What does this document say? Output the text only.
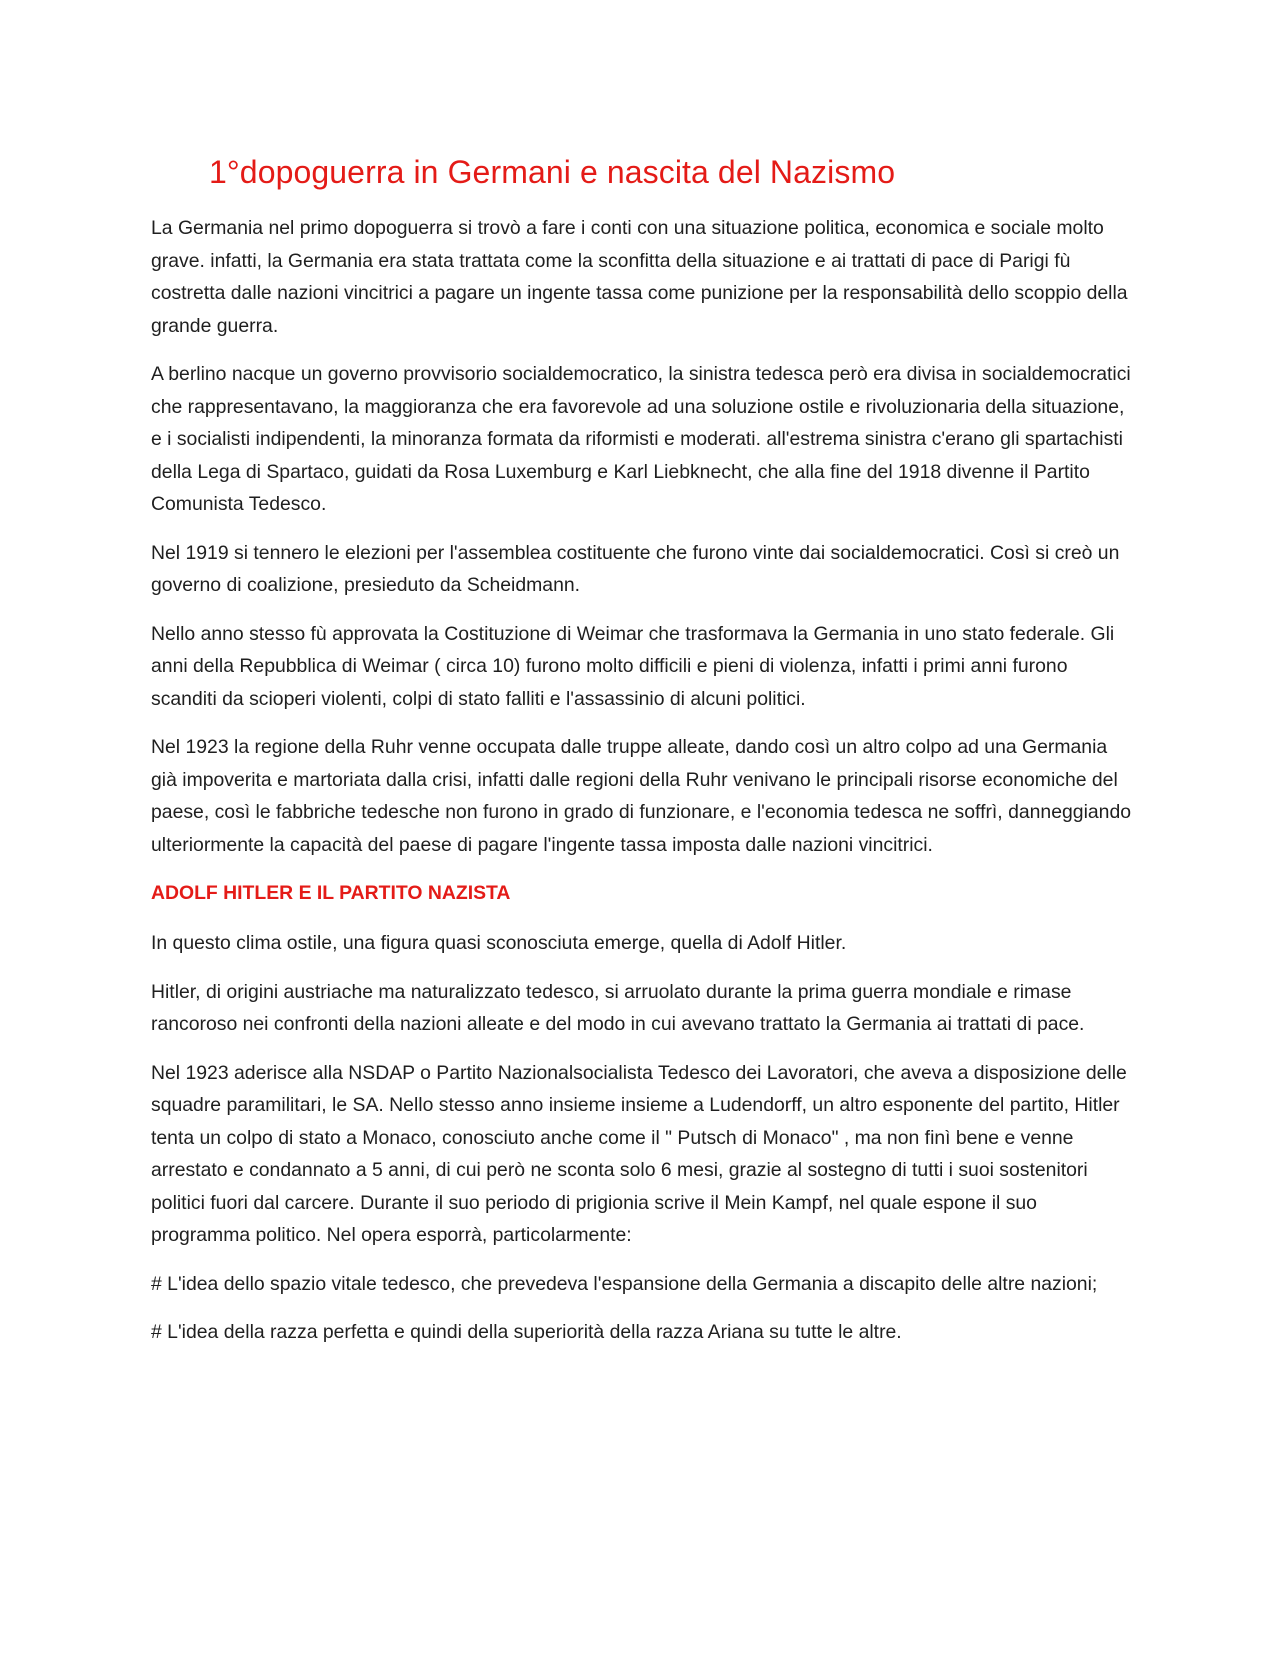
1°dopoguerra in Germani e nascita del Nazismo

La Germania nel primo dopoguerra si trovò a fare i conti con una situazione politica, economica e sociale molto grave. infatti, la Germania era stata trattata come la sconfitta della situazione e ai trattati di pace di Parigi fù costretta dalle nazioni vincitrici a pagare un ingente tassa come punizione per la responsabilità dello scoppio della grande guerra.

A berlino nacque un governo provvisorio socialdemocratico, la sinistra tedesca però era divisa in socialdemocratici che rappresentavano, la maggioranza che era favorevole ad una soluzione ostile e rivoluzionaria della situazione, e i socialisti indipendenti, la minoranza formata da riformisti e moderati. all'estrema sinistra c'erano gli spartachisti della Lega di Spartaco, guidati da Rosa Luxemburg e Karl Liebknecht, che alla fine del 1918 divenne il Partito Comunista Tedesco.

Nel 1919 si tennero le elezioni per l'assemblea costituente che furono vinte dai socialdemocratici. Così si creò un governo di coalizione, presieduto da Scheidmann.

Nello anno stesso fù approvata la Costituzione di Weimar che trasformava la Germania in uno stato federale. Gli anni della Repubblica di Weimar ( circa 10) furono molto difficili e pieni di violenza, infatti i primi anni furono scanditi da scioperi violenti, colpi di stato falliti e l'assassinio di alcuni politici.

Nel 1923 la regione della Ruhr venne occupata dalle truppe alleate, dando così un altro colpo ad una Germania già impoverita e martoriata dalla crisi, infatti dalle regioni della Ruhr venivano le principali risorse economiche del paese, così le fabbriche tedesche non furono in grado di funzionare, e l'economia tedesca ne soffrì, danneggiando ulteriormente la capacità del paese di pagare l'ingente tassa imposta dalle nazioni vincitrici.

ADOLF HITLER E IL PARTITO NAZISTA

In questo clima ostile, una figura quasi sconosciuta emerge, quella di Adolf Hitler.

Hitler, di origini austriache ma naturalizzato tedesco, si arruolato durante la prima guerra mondiale e rimase rancoroso nei confronti della nazioni alleate e del modo in cui avevano trattato la Germania ai trattati di pace.

Nel 1923 aderisce alla NSDAP o Partito Nazionalsocialista Tedesco dei Lavoratori, che aveva a disposizione delle squadre paramilitari, le SA. Nello stesso anno insieme insieme a Ludendorff, un altro esponente del partito, Hitler tenta un colpo di stato a Monaco, conosciuto anche come il " Putsch di Monaco" , ma non finì bene e venne arrestato e condannato a 5 anni, di cui però ne sconta solo 6 mesi, grazie al sostegno di tutti i suoi sostenitori politici fuori dal carcere. Durante il suo periodo di prigionia scrive il Mein Kampf, nel quale espone il suo programma politico. Nel opera esporrà, particolarmente:

# L'idea dello spazio vitale tedesco, che prevedeva l'espansione della Germania a discapito delle altre nazioni;

# L'idea della razza perfetta e quindi della superiorità della razza Ariana su tutte le altre.
